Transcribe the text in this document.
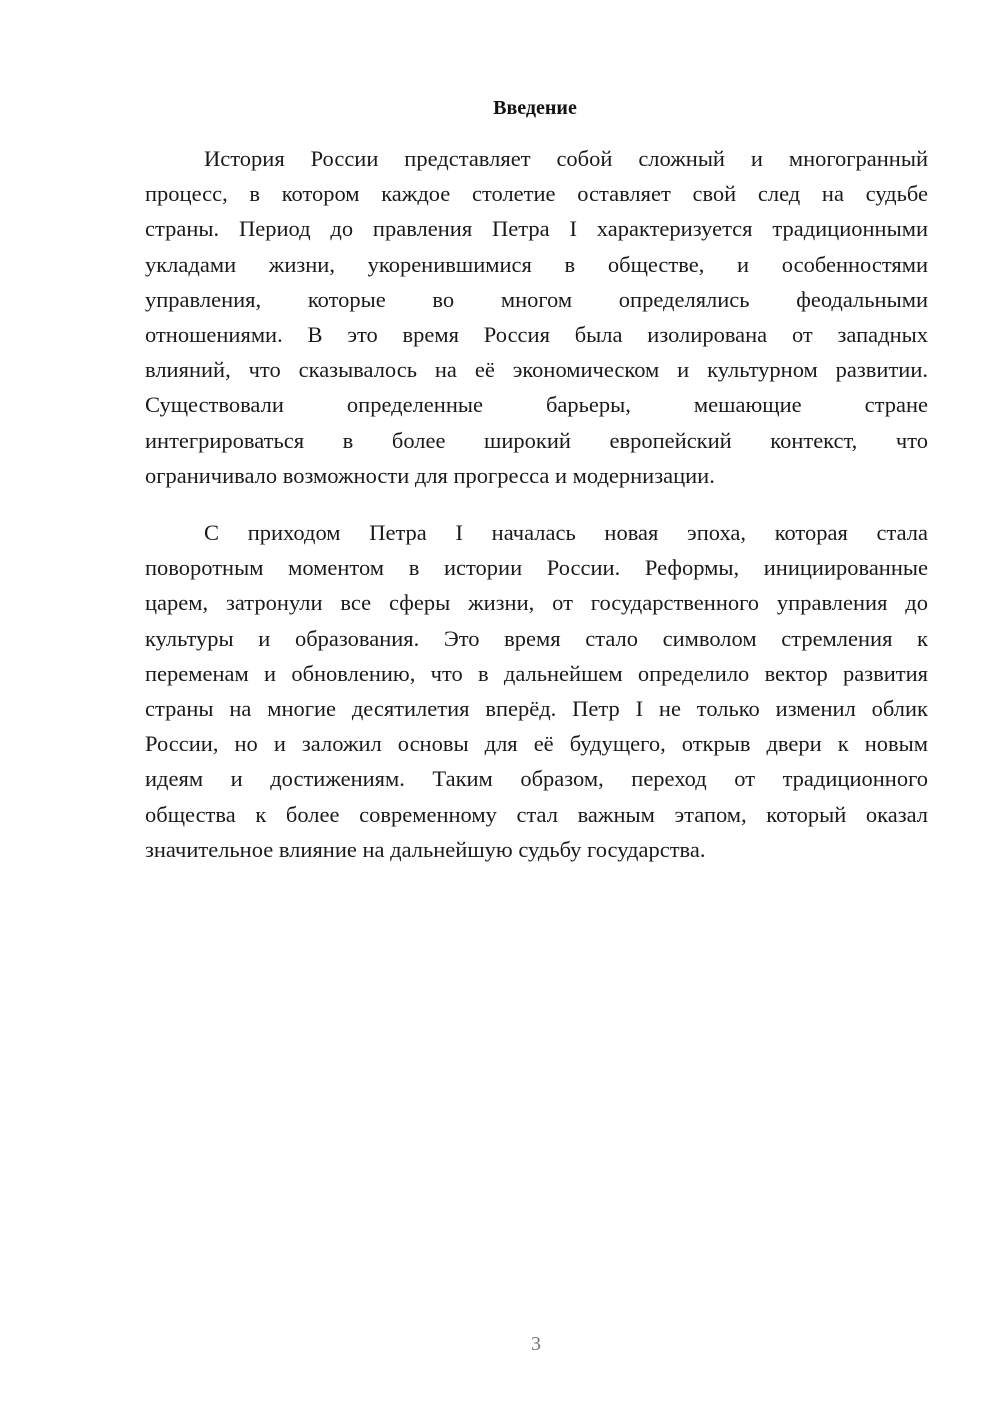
Введение
История России представляет собой сложный и многогранный
процесс, в котором каждое столетие оставляет свой след на судьбе
страны. Период до правления Петра I характеризуется традиционными
укладами жизни, укоренившимися в обществе, и особенностями
управления, которые во многом определялись феодальными
отношениями. В это время Россия была изолирована от западных
влияний, что сказывалось на её экономическом и культурном развитии.
Существовали определенные барьеры, мешающие стране
интегрироваться в более широкий европейский контекст, что
ограничивало возможности для прогресса и модернизации.
С приходом Петра I началась новая эпоха, которая стала
поворотным моментом в истории России. Реформы, инициированные
царем, затронули все сферы жизни, от государственного управления до
культуры и образования. Это время стало символом стремления к
переменам и обновлению, что в дальнейшем определило вектор развития
страны на многие десятилетия вперёд. Петр I не только изменил облик
России, но и заложил основы для её будущего, открыв двери к новым
идеям и достижениям. Таким образом, переход от традиционного
общества к более современному стал важным этапом, который оказал
значительное влияние на дальнейшую судьбу государства.
3
